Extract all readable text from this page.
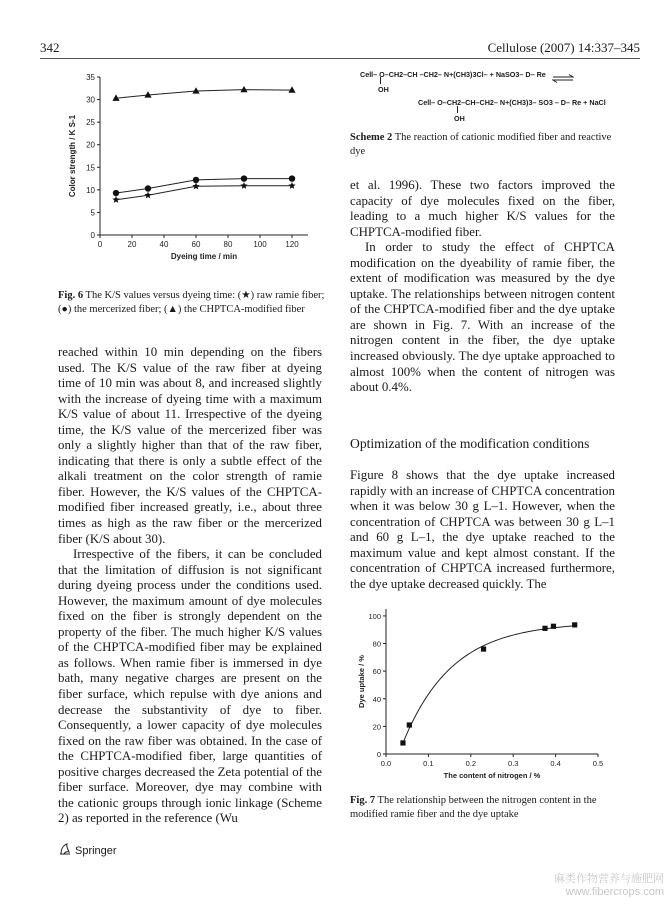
342	Cellulose (2007) 14:337–345
0	20	40	60	80	100 120
0
5
10
15
20
25
30
35
Dyeing time / min
Color strength / K S-1
Fig. 6 The K/S values versus dyeing time: (★) raw ramie fiber; (●) the mercerized fiber; (▲) the CHPTCA-modified fiber

reached within 10 min depending on the fibers used. The K/S value of the raw fiber at dyeing time of 10 min was about 8, and increased slightly with the increase of dyeing time with a maximum K/S value of about 11. Irrespective of the dyeing time, the K/S value of the mercerized fiber was only a slightly higher than that of the raw fiber, indicating that there is only a subtle effect of the alkali treatment on the color strength of ramie fiber. However, the K/S values of the CHPTCA-modified fiber increased greatly, i.e., about three times as high as the raw fiber or the mercerized fiber (K/S about 30).

Irrespective of the fibers, it can be concluded that the limitation of diffusion is not significant during dyeing process under the conditions used. However, the maximum amount of dye molecules fixed on the fiber is strongly dependent on the property of the fiber. The much higher K/S values of the CHPTCA-modified fiber may be explained as follows. When ramie fiber is immersed in dye bath, many negative charges are present on the fiber surface, which repulse with dye anions and decrease the substantivity of dye to fiber. Consequently, a lower capacity of dye molecules fixed on the raw fiber was obtained. In the case of the CHPTCA-modified fiber, large quantities of positive charges decreased the Zeta potential of the fiber surface. Moreover, dye may combine with the cationic groups through ionic linkage (Scheme 2) as reported in the reference (Wu

Cell– O–CH2–CH –CH2– N+(CH3)3Cl– + NaSO3– D– Re ⇌
OH
Cell– O–CH2–CH–CH2– N+(CH3)3– SO3 – D– Re + NaCl
OH
Scheme 2 The reaction of cationic modified fiber and reactive dye

et al. 1996). These two factors improved the capacity of dye molecules fixed on the fiber, leading to a much higher K/S values for the CHPTCA-modified fiber.

In order to study the effect of CHPTCA modification on the dyeability of ramie fiber, the extent of modification was measured by the dye uptake. The relationships between nitrogen content of the CHPTCA-modified fiber and the dye uptake are shown in Fig. 7. With an increase of the nitrogen content in the fiber, the dye uptake increased obviously. The dye uptake approached to almost 100% when the content of nitrogen was about 0.4%.

Optimization of the modification conditions

Figure 8 shows that the dye uptake increased rapidly with an increase of CHPTCA concentration when it was below 30 g L–1. However, when the concentration of CHPTCA was between 30 g L–1 and 60 g L–1, the dye uptake reached to the maximum value and kept almost constant. If the concentration of CHPTCA increased furthermore, the dye uptake decreased quickly. The

0.0	0.1	0.2	0.3	0.4	0.5
0
20
40
60
80
100
The content of nitrogen / %
Dye uptake / %
Fig. 7 The relationship between the nitrogen content in the modified ramie fiber and the dye uptake
Springer
麻类作物营养与施肥网
www.fibercrops.com
